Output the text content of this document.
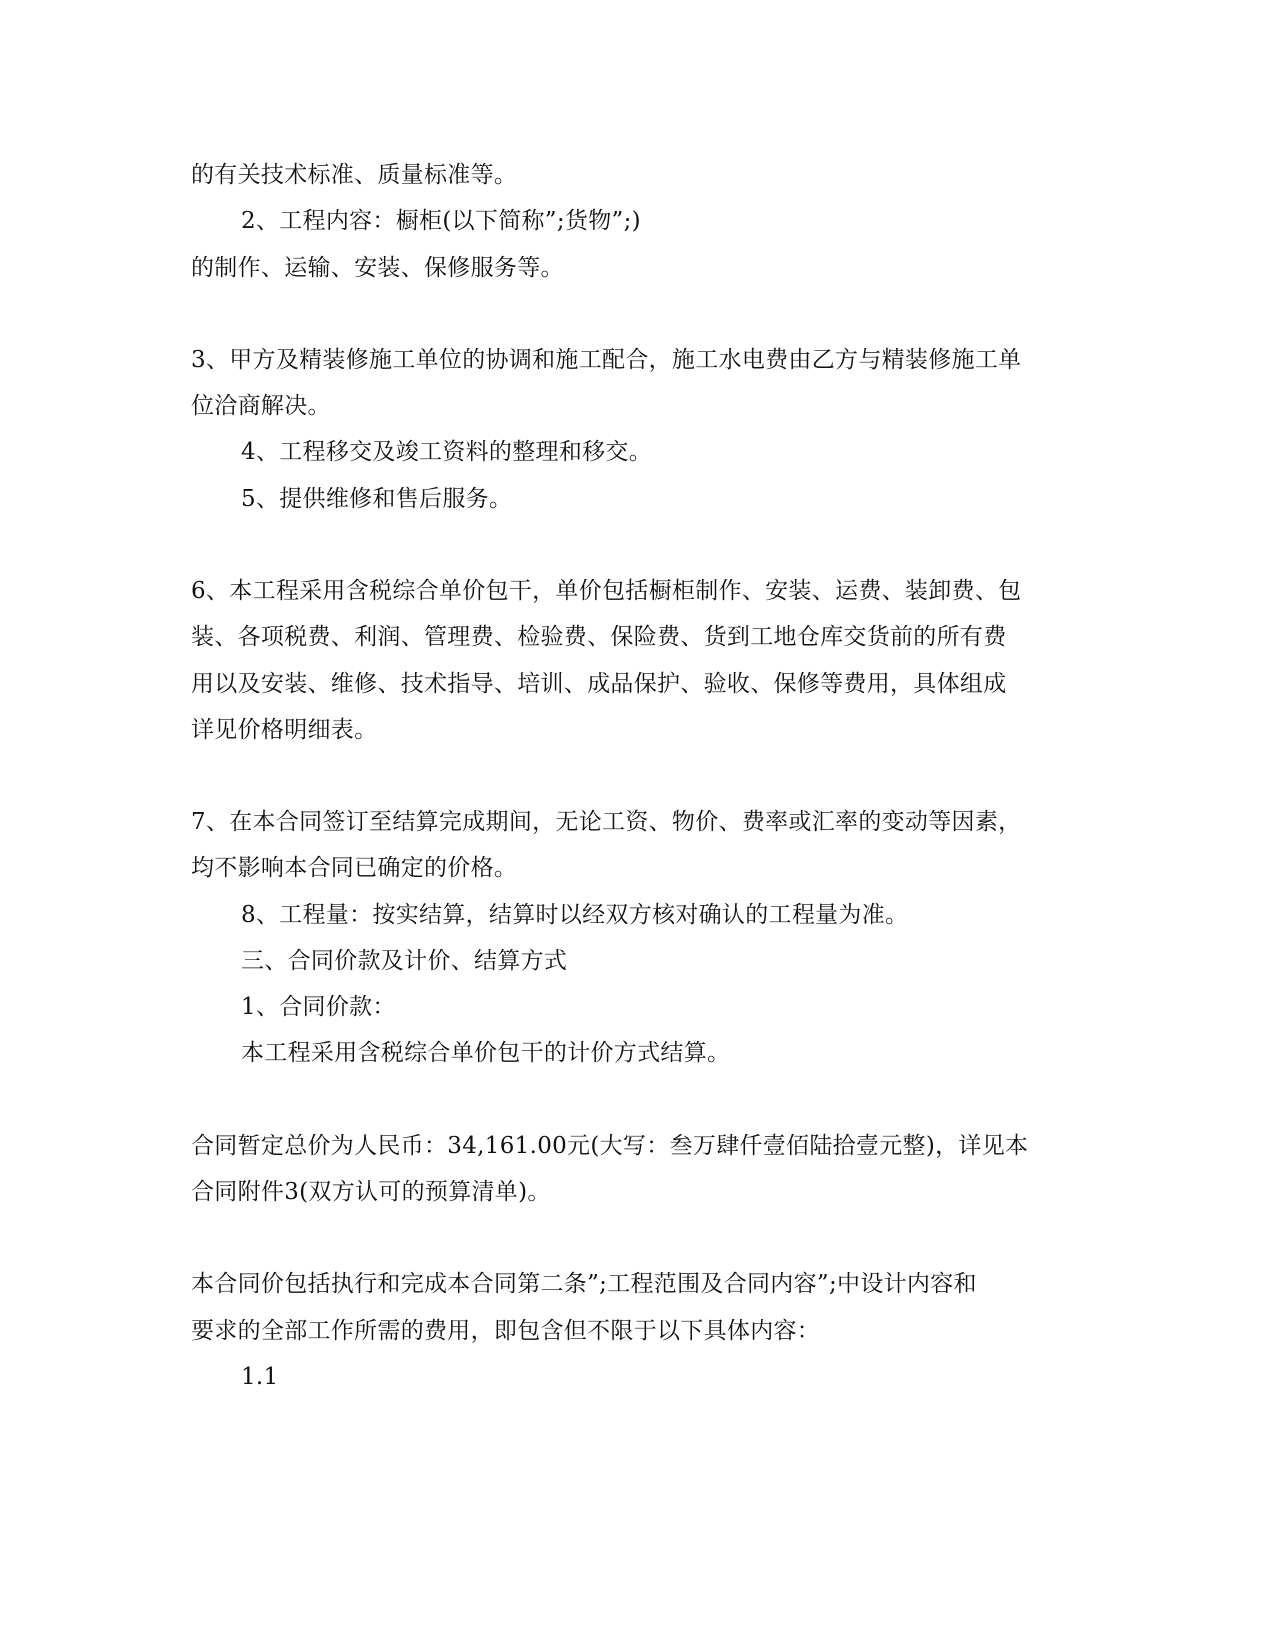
的有关技术标准、质量标准等。
2、工程内容：橱柜(以下简称”;货物”;)
的制作、运输、安装、保修服务等。
3、甲方及精装修施工单位的协调和施工配合，施工水电费由乙方与精装修施工单
位洽商解决。
4、工程移交及竣工资料的整理和移交。
5、提供维修和售后服务。
6、本工程采用含税综合单价包干，单价包括橱柜制作、安装、运费、装卸费、包
装、各项税费、利润、管理费、检验费、保险费、货到工地仓库交货前的所有费
用以及安装、维修、技术指导、培训、成品保护、验收、保修等费用，具体组成
详见价格明细表。
7、在本合同签订至结算完成期间，无论工资、物价、费率或汇率的变动等因素，
均不影响本合同已确定的价格。
8、工程量：按实结算，结算时以经双方核对确认的工程量为准。
三、合同价款及计价、结算方式
1、合同价款：
本工程采用含税综合单价包干的计价方式结算。
合同暂定总价为人民币：34,161.00元(大写：叁万肆仟壹佰陆拾壹元整)，详见本
合同附件3(双方认可的预算清单)。
本合同价包括执行和完成本合同第二条”;工程范围及合同内容”;中设计内容和
要求的全部工作所需的费用，即包含但不限于以下具体内容：
1.1
